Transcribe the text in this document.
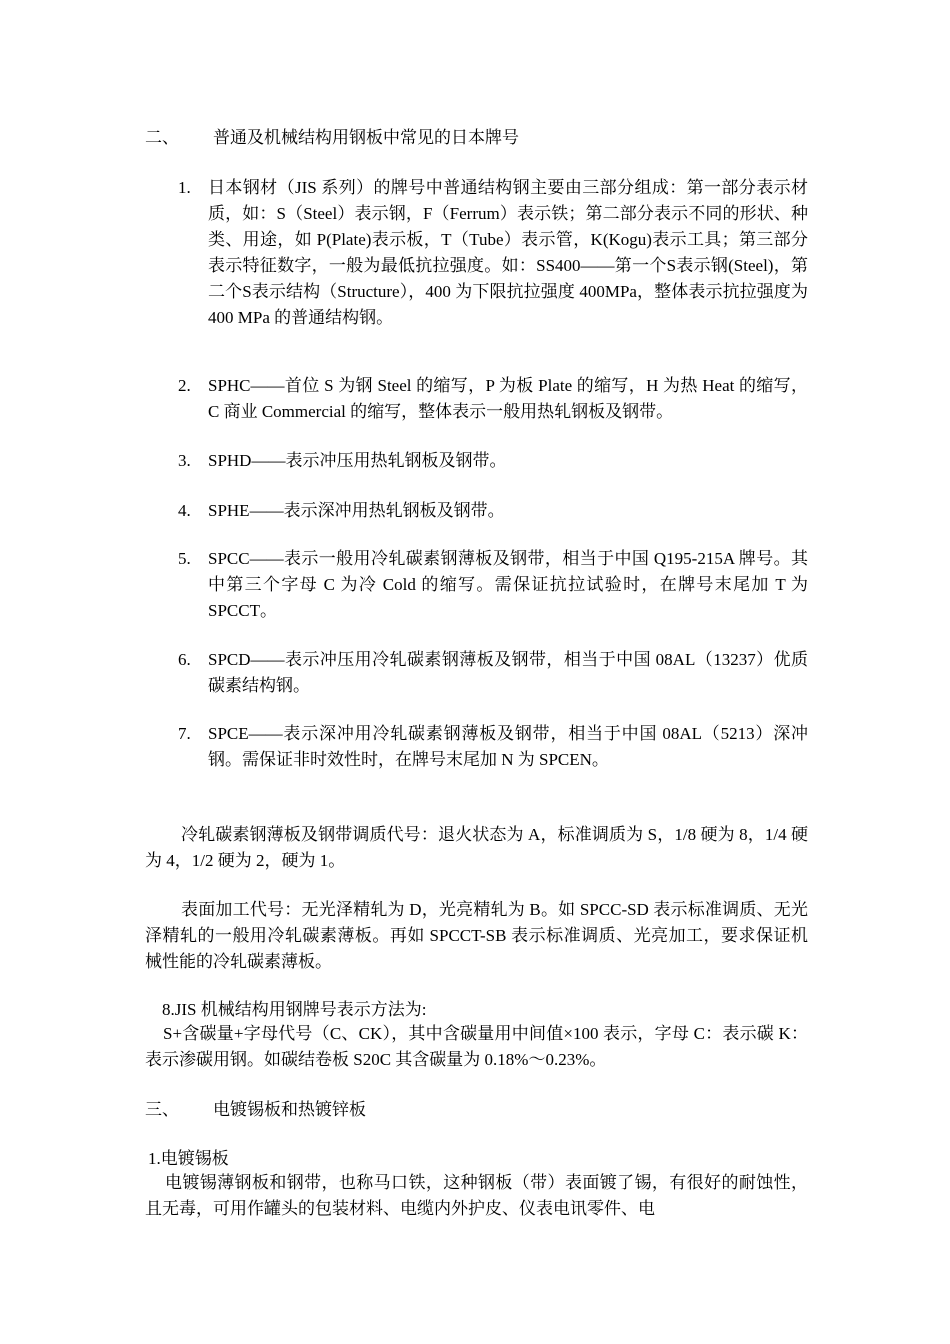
二、 普通及机械结构用钢板中常见的日本牌号
1. 日本钢材（JIS 系列）的牌号中普通结构钢主要由三部分组成：第一部分表示材质，如：S（Steel）表示钢，F（Ferrum）表示铁；第二部分表示不同的形状、种类、用途，如 P(Plate)表示板，T（Tube）表示管，K(Kogu)表示工具；第三部分表示特征数字，一般为最低抗拉强度。如：SS400——第一个S表示钢(Steel)，第二个S表示结构（Structure），400 为下限抗拉强度 400MPa，整体表示抗拉强度为 400 MPa 的普通结构钢。
2. SPHC——首位 S 为钢 Steel 的缩写，P 为板 Plate 的缩写，H 为热 Heat 的缩写，C 商业 Commercial 的缩写，整体表示一般用热轧钢板及钢带。
3. SPHD——表示冲压用热轧钢板及钢带。
4. SPHE——表示深冲用热轧钢板及钢带。
5. SPCC——表示一般用冷轧碳素钢薄板及钢带，相当于中国 Q195-215A 牌号。其中第三个字母 C 为冷 Cold 的缩写。需保证抗拉试验时，在牌号末尾加 T 为 SPCCT。
6. SPCD——表示冲压用冷轧碳素钢薄板及钢带，相当于中国 08AL（13237）优质碳素结构钢。
7. SPCE——表示深冲用冷轧碳素钢薄板及钢带，相当于中国 08AL（5213）深冲钢。需保证非时效性时，在牌号末尾加 N 为 SPCEN。
冷轧碳素钢薄板及钢带调质代号：退火状态为 A，标准调质为 S，1/8 硬为 8，1/4 硬为 4，1/2 硬为 2，硬为 1。
表面加工代号：无光泽精轧为 D，光亮精轧为 B。如 SPCC-SD 表示标准调质、无光泽精轧的一般用冷轧碳素薄板。再如 SPCCT-SB 表示标准调质、光亮加工，要求保证机械性能的冷轧碳素薄板。
8.JIS 机械结构用钢牌号表示方法为:
S+含碳量+字母代号（C、CK），其中含碳量用中间值×100 表示，字母 C：表示碳 K：表示渗碳用钢。如碳结卷板 S20C 其含碳量为 0.18%～0.23%。
三、 电镀锡板和热镀锌板
1.电镀锡板
电镀锡薄钢板和钢带，也称马口铁，这种钢板（带）表面镀了锡，有很好的耐蚀性，且无毒，可用作罐头的包装材料、电缆内外护皮、仪表电讯零件、电
